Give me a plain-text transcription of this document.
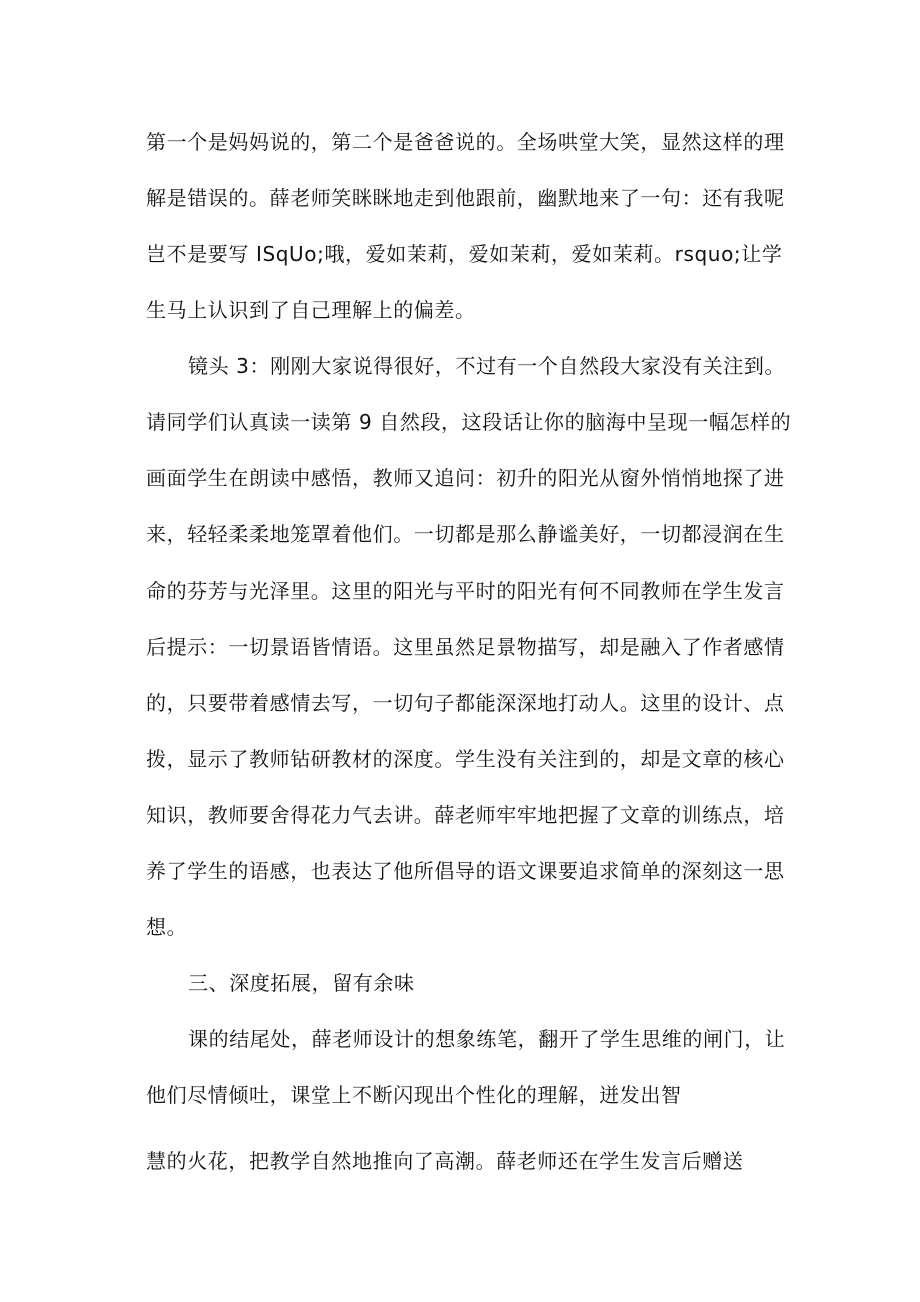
第一个是妈妈说的，第二个是爸爸说的。全场哄堂大笑，显然这样的理
解是错误的。薛老师笑眯眯地走到他跟前，幽默地来了一句：还有我呢
岂不是要写 ISqUo;哦，爱如茉莉，爱如茉莉，爱如茉莉。rsquo;让学
生马上认识到了自己理解上的偏差。
镜头 3：刚刚大家说得很好，不过有一个自然段大家没有关注到。
请同学们认真读一读第 9 自然段，这段话让你的脑海中呈现一幅怎样的
画面学生在朗读中感悟，教师又追问：初升的阳光从窗外悄悄地探了进
来，轻轻柔柔地笼罩着他们。一切都是那么静谧美好，一切都浸润在生
命的芬芳与光泽里。这里的阳光与平时的阳光有何不同教师在学生发言
后提示：一切景语皆情语。这里虽然足景物描写，却是融入了作者感情
的，只要带着感情去写，一切句子都能深深地打动人。这里的设计、点
拨，显示了教师钻研教材的深度。学生没有关注到的，却是文章的核心
知识，教师要舍得花力气去讲。薛老师牢牢地把握了文章的训练点，培
养了学生的语感，也表达了他所倡导的语文课要追求简单的深刻这一思
想。
三、深度拓展，留有余味
课的结尾处，薛老师设计的想象练笔，翻开了学生思维的闸门，让
他们尽情倾吐，课堂上不断闪现出个性化的理解，迸发出智
慧的火花，把教学自然地推向了高潮。薛老师还在学生发言后赠送
